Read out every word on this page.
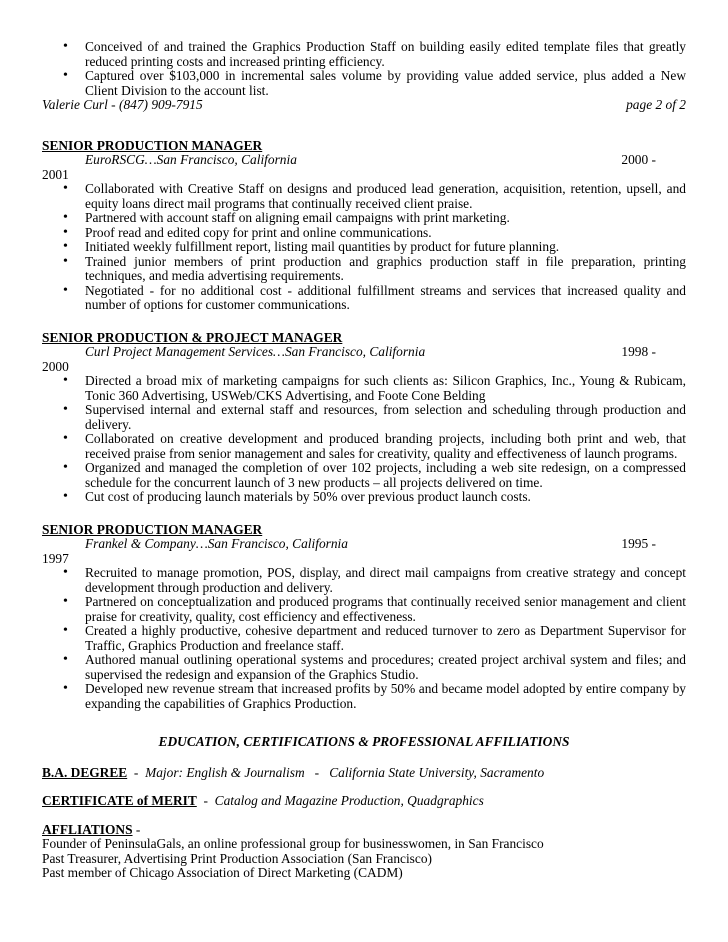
• Conceived of and trained the Graphics Production Staff on building easily edited template files that greatly reduced printing costs and increased printing efficiency.
• Captured over $103,000 in incremental sales volume by providing value added service, plus added a New Client Division to the account list.
Valerie Curl - (847) 909-7915	page 2 of 2
SENIOR PRODUCTION MANAGER
EuroRSCG…San Francisco, California	2000 -
2001
• Collaborated with Creative Staff on designs and produced lead generation, acquisition, retention, upsell, and equity loans direct mail programs that continually received client praise.
• Partnered with account staff on aligning email campaigns with print marketing.
• Proof read and edited copy for print and online communications.
• Initiated weekly fulfillment report, listing mail quantities by product for future planning.
• Trained junior members of print production and graphics production staff in file preparation, printing techniques, and media advertising requirements.
• Negotiated - for no additional cost - additional fulfillment streams and services that increased quality and number of options for customer communications.
SENIOR PRODUCTION & PROJECT MANAGER
Curl Project Management Services…San Francisco, California	1998 -
2000
• Directed a broad mix of marketing campaigns for such clients as: Silicon Graphics, Inc., Young & Rubicam, Tonic 360 Advertising, USWeb/CKS Advertising, and Foote Cone Belding
• Supervised internal and external staff and resources, from selection and scheduling through production and delivery.
• Collaborated on creative development and produced branding projects, including both print and web, that received praise from senior management and sales for creativity, quality and effectiveness of launch programs.
• Organized and managed the completion of over 102 projects, including a web site redesign, on a compressed schedule for the concurrent launch of 3 new products – all projects delivered on time.
• Cut cost of producing launch materials by 50% over previous product launch costs.
SENIOR PRODUCTION MANAGER
Frankel & Company…San Francisco, California	1995 -
1997
• Recruited to manage promotion, POS, display, and direct mail campaigns from creative strategy and concept development through production and delivery.
• Partnered on conceptualization and produced programs that continually received senior management and client praise for creativity, quality, cost efficiency and effectiveness.
• Created a highly productive, cohesive department and reduced turnover to zero as Department Supervisor for Traffic, Graphics Production and freelance staff.
• Authored manual outlining operational systems and procedures; created project archival system and files; and supervised the redesign and expansion of the Graphics Studio.
• Developed new revenue stream that increased profits by 50% and became model adopted by entire company by expanding the capabilities of Graphics Production.
EDUCATION, CERTIFICATIONS & PROFESSIONAL AFFILIATIONS
B.A. DEGREE  -  Major: English & Journalism   -   California State University, Sacramento
CERTIFICATE of MERIT  -  Catalog and Magazine Production, Quadgraphics
AFFLIATIONS -
Founder of PeninsulaGals, an online professional group for businesswomen, in San Francisco
Past Treasurer, Advertising Print Production Association (San Francisco)
Past member of Chicago Association of Direct Marketing (CADM)
